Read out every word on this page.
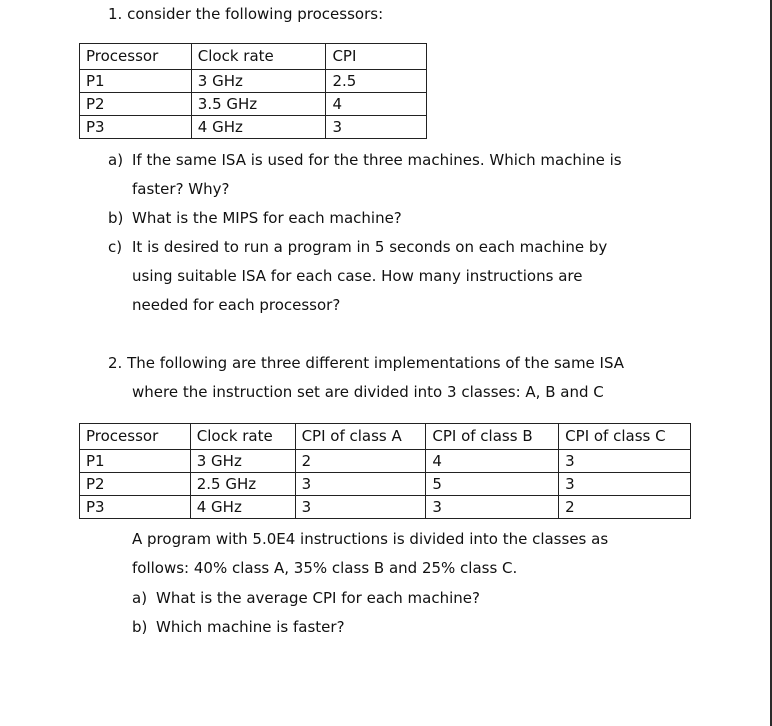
1. consider the following processors:
Processor	Clock rate	CPI
P1	3 GHz	2.5
P2	3.5 GHz	4
P3	4 GHz	3
a) If the same ISA is used for the three machines. Which machine is
faster? Why?
b) What is the MIPS for each machine?
c) It is desired to run a program in 5 seconds on each machine by
using suitable ISA for each case. How many instructions are
needed for each processor?
2. The following are three different implementations of the same ISA
where the instruction set are divided into 3 classes: A, B and C
Processor	Clock rate	CPI of class A	CPI of class B	CPI of class C
P1	3 GHz	2	4	3
P2	2.5 GHz	3	5	3
P3	4 GHz	3	3	2
A program with 5.0E4 instructions is divided into the classes as
follows: 40% class A, 35% class B and 25% class C.
a) What is the average CPI for each machine?
b) Which machine is faster?
